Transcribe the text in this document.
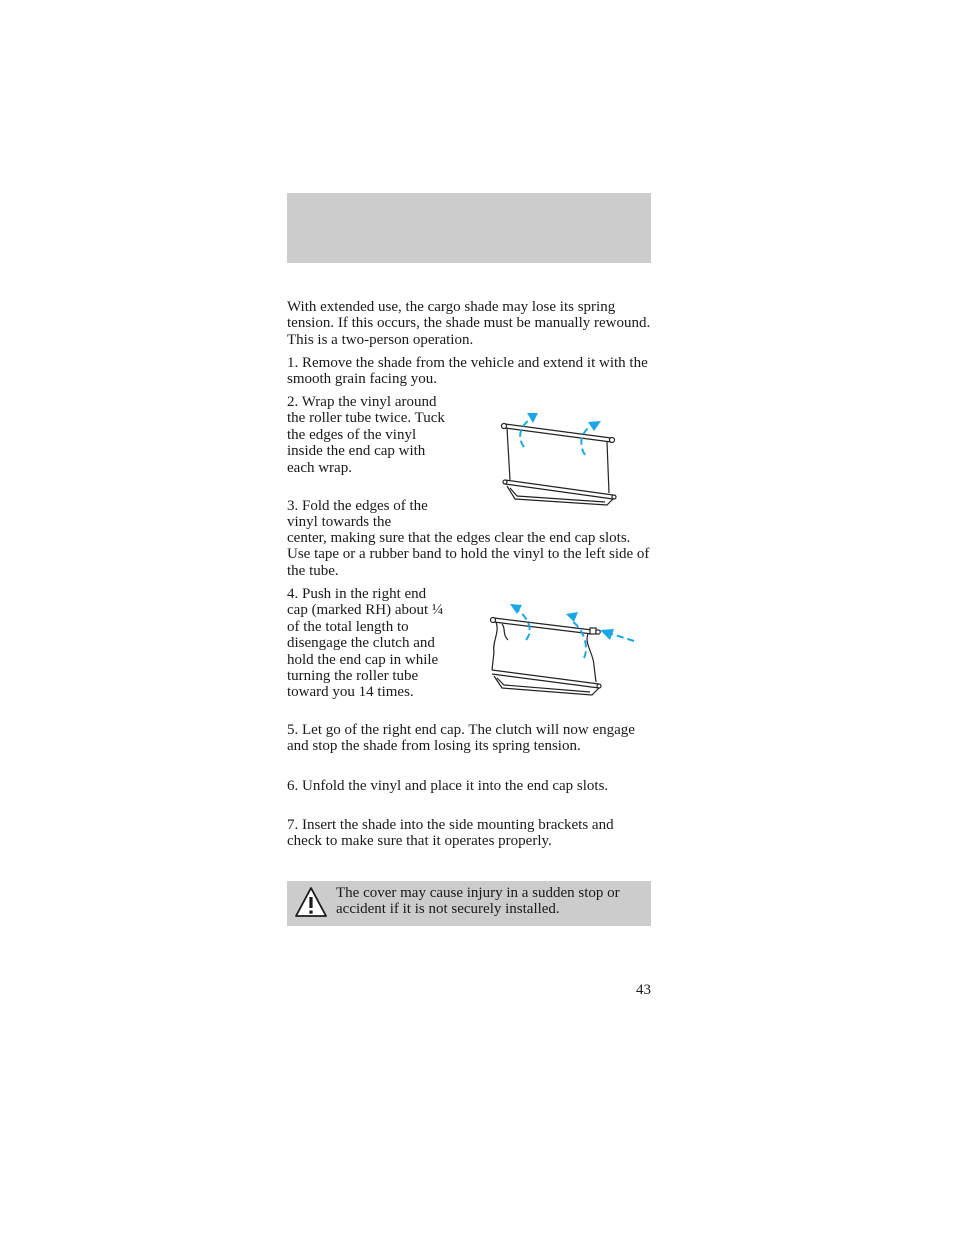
With extended use, the cargo shade may lose its spring tension. If this occurs, the shade must be manually rewound. This is a two-person operation.

1. Remove the shade from the vehicle and extend it with the smooth grain facing you.

2. Wrap the vinyl around the roller tube twice. Tuck the edges of the vinyl inside the end cap with each wrap.

3. Fold the edges of the vinyl towards the

center, making sure that the edges clear the end cap slots. Use tape or a rubber band to hold the vinyl to the left side of the tube.

4. Push in the right end cap (marked RH) about ¼ of the total length to disengage the clutch and hold the end cap in while turning the roller tube toward you 14 times.

5. Let go of the right end cap. The clutch will now engage and stop the shade from losing its spring tension.

6. Unfold the vinyl and place it into the end cap slots.

7. Insert the shade into the side mounting brackets and check to make sure that it operates properly.

The cover may cause injury in a sudden stop or accident if it is not securely installed.
43
